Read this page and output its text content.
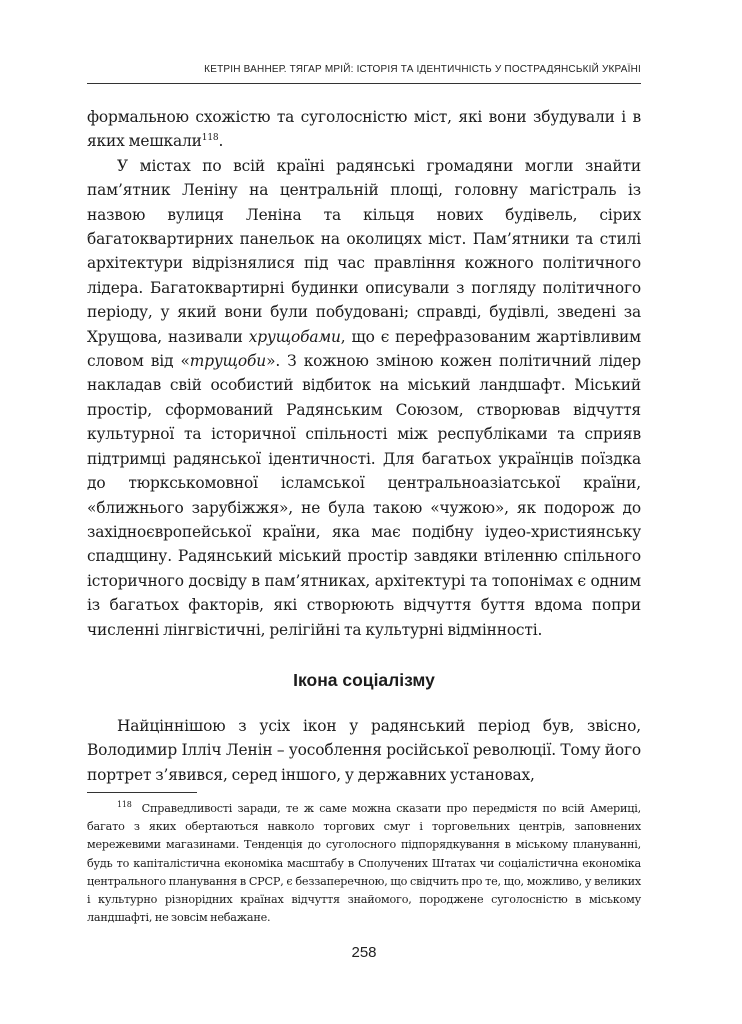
КЕТРІН ВАННЕР. ТЯГАР МРІЙ: ІСТОРІЯ ТА ІДЕНТИЧНІСТЬ У ПОСТРАДЯНСЬКІЙ УКРАЇНІ

формальною схожістю та суголосністю міст, які вони збудували і в яких мешкали$^{118}$.

У містах по всій країні радянські громадяни могли знайти пам’ятник Леніну на центральній площі, головну магістраль із назвою вулиця Леніна та кільця нових будівель, сірих багатоквартирних панельок на околицях міст. Пам’ятники та стилі архітектури відрізнялися під час правління кожного політичного лідера. Багатоквартирні будинки описували з погляду політичного періоду, у який вони були побудовані; справді, будівлі, зведені за Хрущова, називали хрущобами, що є перефразованим жартівливим словом від «трущоби». З кожною зміною кожен політичний лідер накладав свій особистий відбиток на міський ландшафт. Міський простір, сформований Радянським Союзом, створював відчуття культурної та історичної спільності між республіками та сприяв підтримці радянської ідентичності. Для багатьох українців поїздка до тюркськомовної ісламської центральноазіатської країни, «ближнього зарубіжжя», не була такою «чужою», як подорож до західноєвропейської країни, яка має подібну іудео-християнську спадщину. Радянський міський простір завдяки втіленню спільного історичного досвіду в пам’ятниках, архітектурі та топонімах є одним із багатьох факторів, які створюють відчуття буття вдома попри численні лінгвістичні, релігійні та культурні відмінності.

Ікона соціалізму

Найціннішою з усіх ікон у радянський період був, звісно, Володимир Ілліч Ленін – уособлення російської революції. Тому його портрет з’явився, серед іншого, у державних установах,

$^{118}$ Справедливості заради, те ж саме можна сказати про передмістя по всій Америці, багато з яких обертаються навколо торгових смуг і торговельних центрів, заповнених мережевими магазинами. Тенденція до суголосного підпорядкування в міському плануванні, будь то капіталістична економіка масштабу в Сполучених Штатах чи соціалістична економіка центрального планування в СРСР, є беззаперечною, що свідчить про те, що, можливо, у великих і культурно різнорідних країнах відчуття знайомого, породжене суголосністю в міському ландшафті, не зовсім небажане.

258
